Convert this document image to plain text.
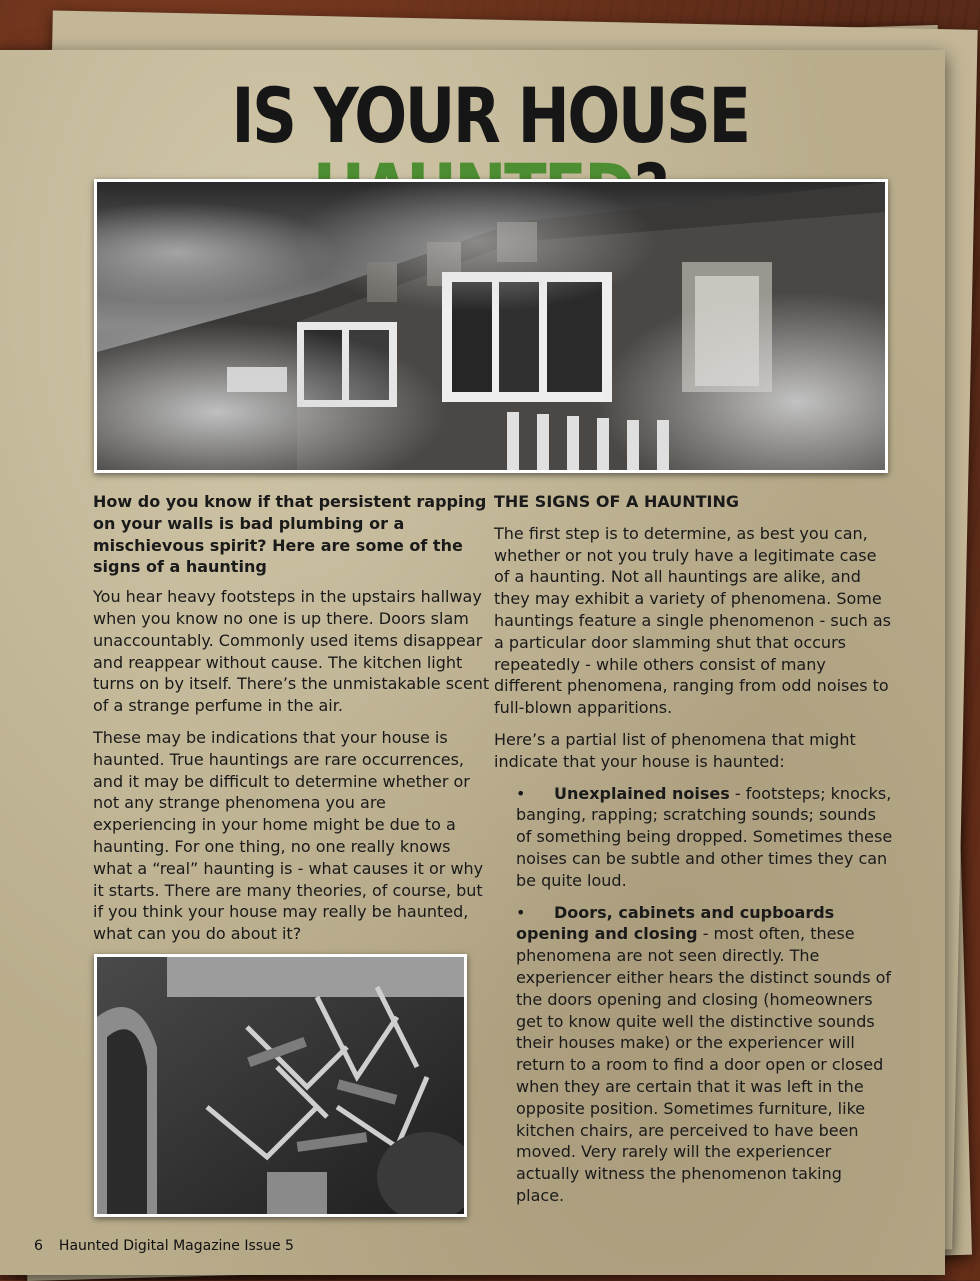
IS YOUR HOUSE

How do you know if that persistent rapping on your walls is bad plumbing or a mischievous spirit? Here are some of the signs of a haunting

You hear heavy footsteps in the upstairs hallway when you know no one is up there. Doors slam unaccountably. Commonly used items disappear and reappear without cause. The kitchen light turns on by itself. There’s the unmistakable scent of a strange perfume in the air.

These may be indications that your house is haunted. True hauntings are rare occurrences, and it may be difficult to determine whether or not any strange phenomena you are experiencing in your home might be due to a haunting. For one thing, no one really knows what a “real” haunting is - what causes it or why it starts. There are many theories, of course, but if you think your house may really be haunted, what can you do about it?

THE SIGNS OF A HAUNTING

The first step is to determine, as best you can, whether or not you truly have a legitimate case of a haunting. Not all hauntings are alike, and they may exhibit a variety of phenomena. Some hauntings feature a single phenomenon - such as a particular door slamming shut that occurs repeatedly - while others consist of many different phenomena, ranging from odd noises to full-blown apparitions.

Here’s a partial list of phenomena that might indicate that your house is haunted:

• Unexplained noises - footsteps; knocks, banging, rapping; scratching sounds; sounds of something being dropped. Sometimes these noises can be subtle and other times they can be quite loud.
• Doors, cabinets and cupboards opening and closing - most often, these phenomena are not seen directly. The experiencer either hears the distinct sounds of the doors opening and closing (homeowners get to know quite well the distinctive sounds their houses make) or the experiencer will return to a room to find a door open or closed when they are certain that it was left in the opposite position. Sometimes furniture, like kitchen chairs, are perceived to have been moved. Very rarely will the experiencer actually witness the phenomenon taking place.
6 Haunted Digital Magazine Issue 5
